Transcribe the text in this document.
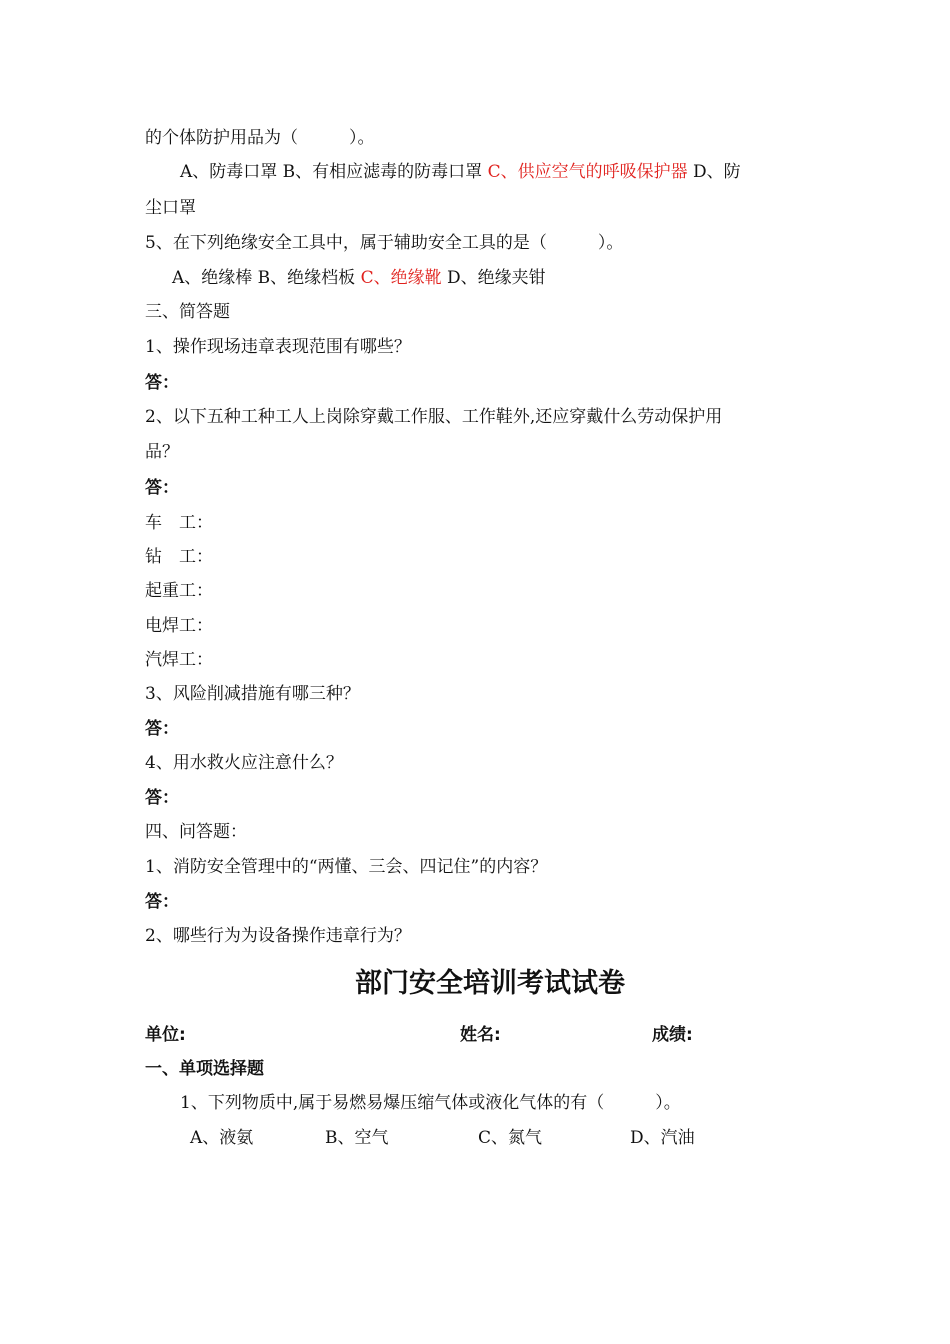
的个体防护用品为（　　　）。
A、防毒口罩 B、有相应滤毒的防毒口罩 C、供应空气的呼吸保护器 D、防
尘口罩
5、在下列绝缘安全工具中，属于辅助安全工具的是（　　　）。
A、绝缘棒 B、绝缘档板 C、绝缘靴 D、绝缘夹钳
三、简答题
1、操作现场违章表现范围有哪些？
答：
2、以下五种工种工人上岗除穿戴工作服、工作鞋外,还应穿戴什么劳动保护用
品？
答：
车　工：
钻　工：
起重工：
电焊工：
汽焊工：
3、风险削减措施有哪三种？
答：
4、用水救火应注意什么？
答：
四、问答题：
1、消防安全管理中的“两懂、三会、四记住”的内容？
答：
2、哪些行为为设备操作违章行为？
部门安全培训考试试卷
单位:	姓名:	成绩:
一、单项选择题
1、下列物质中,属于易燃易爆压缩气体或液化气体的有（　　　）。
A、液氨	B、空气	C、氮气	D、汽油
